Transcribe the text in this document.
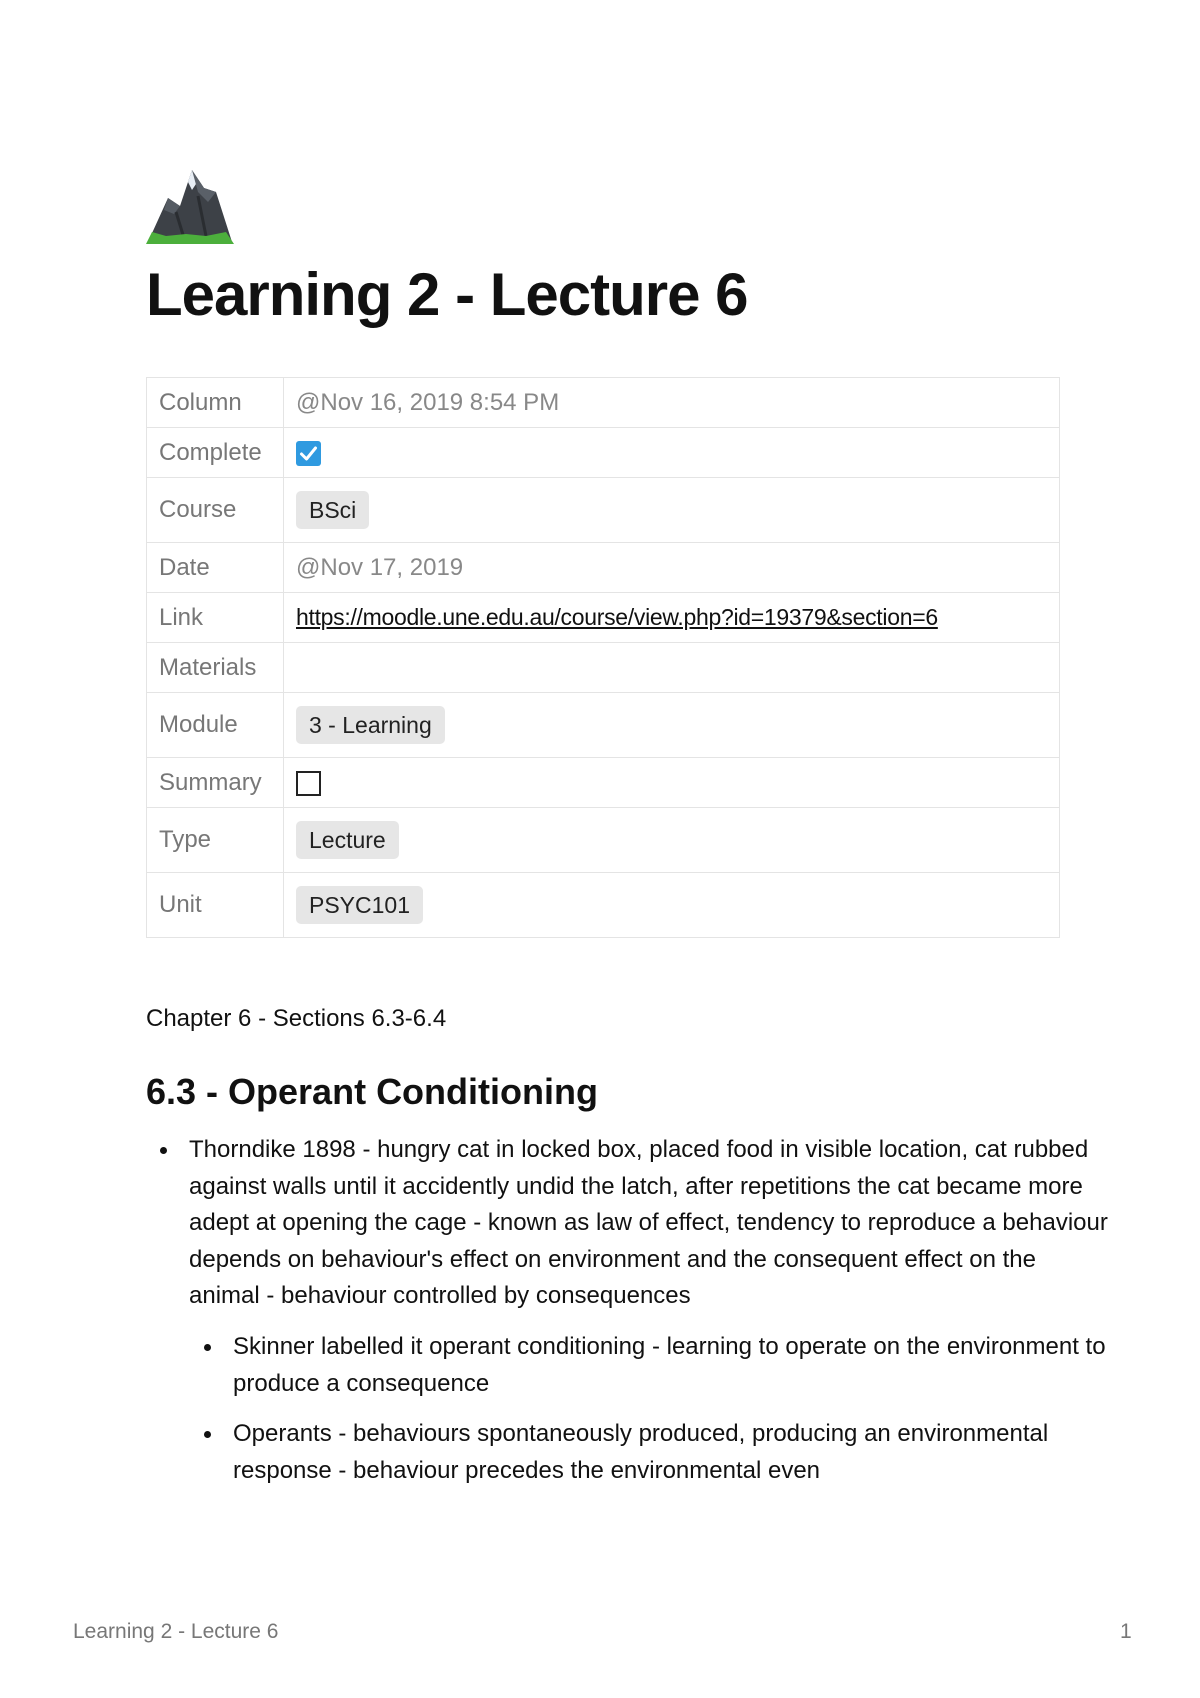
Learning 2 - Lecture 6
Column	@Nov 16, 2019 8:54 PM
Complete	

Course	BSci
Date	@Nov 17, 2019
Link	https://moodle.une.edu.au/course/view.php?id=19379&section=6
Materials	
Module	3 - Learning
Summary	
Type	Lecture
Unit	PSYC101
Chapter 6 - Sections 6.3-6.4
6.3 - Operant Conditioning
Thorndike 1898 - hungry cat in locked box, placed food in visible location, cat rubbed against walls until it accidently undid the latch, after repetitions the cat became more adept at opening the cage - known as law of effect, tendency to reproduce a behaviour depends on behaviour's effect on environment and the consequent effect on the animal - behaviour controlled by consequences
Skinner labelled it operant conditioning - learning to operate on the environment to produce a consequence
Operants - behaviours spontaneously produced, producing an environmental response - behaviour precedes the environmental even
Learning 2 - Lecture 6	1
